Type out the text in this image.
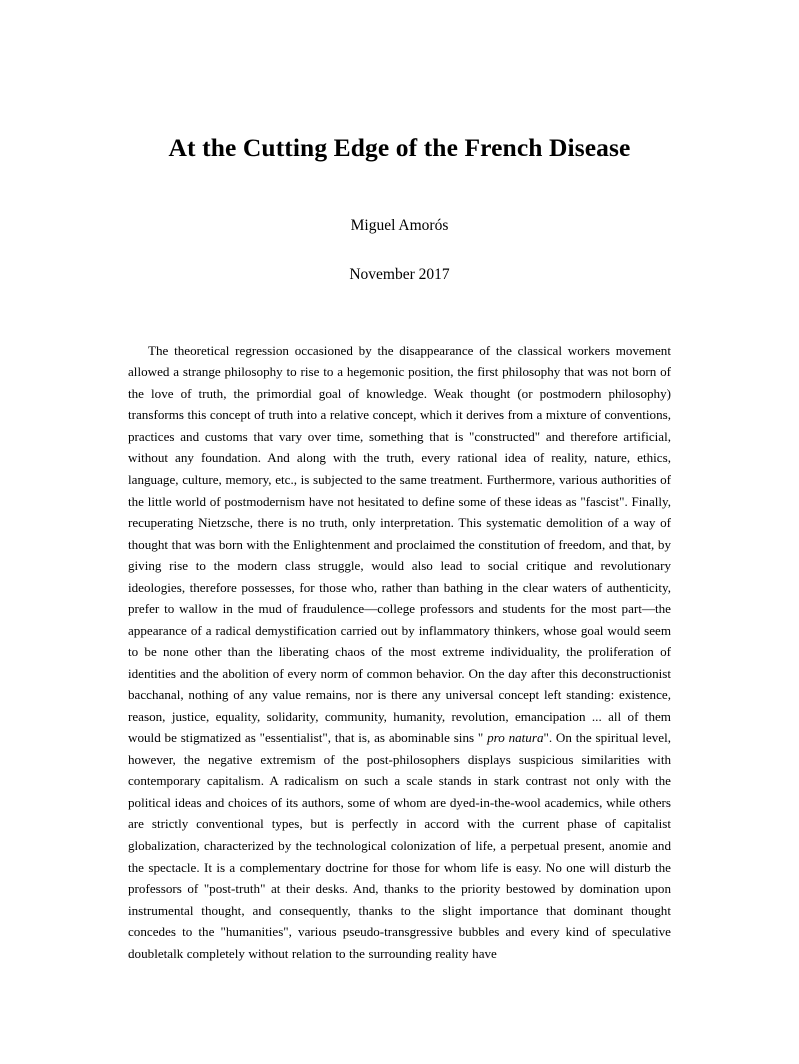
At the Cutting Edge of the French Disease
Miguel Amorós
November 2017

The theoretical regression occasioned by the disappearance of the classical workers movement allowed a strange philosophy to rise to a hegemonic position, the first philosophy that was not born of the love of truth, the primordial goal of knowledge. Weak thought (or postmodern philosophy) transforms this concept of truth into a relative concept, which it derives from a mixture of conventions, practices and customs that vary over time, something that is "constructed" and therefore artificial, without any foundation. And along with the truth, every rational idea of reality, nature, ethics, language, culture, memory, etc., is subjected to the same treatment. Furthermore, various authorities of the little world of postmodernism have not hesitated to define some of these ideas as "fascist". Finally, recuperating Nietzsche, there is no truth, only interpretation. This systematic demolition of a way of thought that was born with the Enlightenment and proclaimed the constitution of freedom, and that, by giving rise to the modern class struggle, would also lead to social critique and revolutionary ideologies, therefore possesses, for those who, rather than bathing in the clear waters of authenticity, prefer to wallow in the mud of fraudulence—college professors and students for the most part—the appearance of a radical demystification carried out by inflammatory thinkers, whose goal would seem to be none other than the liberating chaos of the most extreme individuality, the proliferation of identities and the abolition of every norm of common behavior. On the day after this deconstructionist bacchanal, nothing of any value remains, nor is there any universal concept left standing: existence, reason, justice, equality, solidarity, community, humanity, revolution, emancipation ... all of them would be stigmatized as "essentialist", that is, as abominable sins " pro natura". On the spiritual level, however, the negative extremism of the post-philosophers displays suspicious similarities with contemporary capitalism. A radicalism on such a scale stands in stark contrast not only with the political ideas and choices of its authors, some of whom are dyed-in-the-wool academics, while others are strictly conventional types, but is perfectly in accord with the current phase of capitalist globalization, characterized by the technological colonization of life, a perpetual present, anomie and the spectacle. It is a complementary doctrine for those for whom life is easy. No one will disturb the professors of "post-truth" at their desks. And, thanks to the priority bestowed by domination upon instrumental thought, and consequently, thanks to the slight importance that dominant thought concedes to the "humanities", various pseudo-transgressive bubbles and every kind of speculative doubletalk completely without relation to the surrounding reality have
